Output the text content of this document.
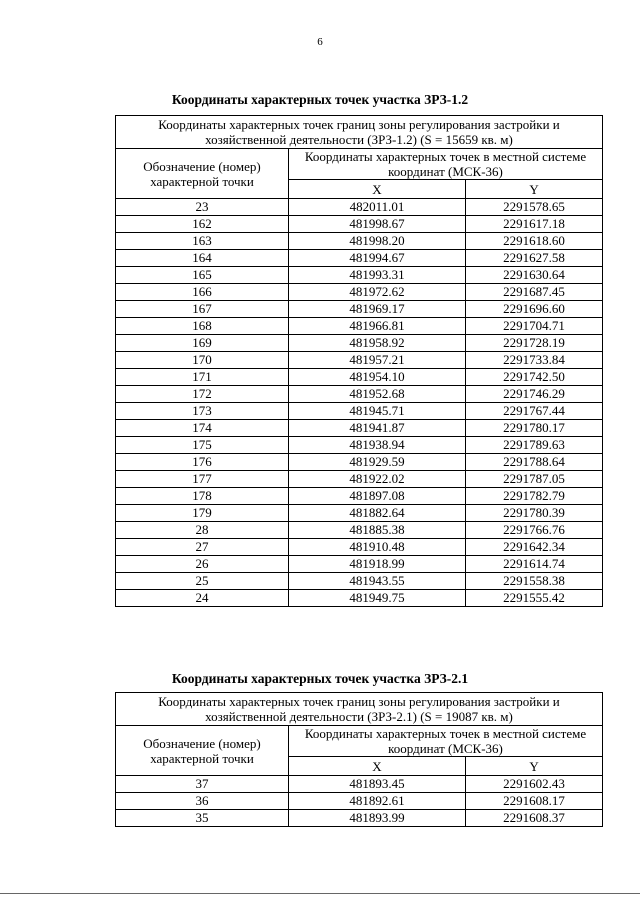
6
Координаты характерных точек участка ЗРЗ-1.2
Координаты характерных точек границ зоны регулирования застройки и хозяйственной деятельности (ЗРЗ-1.2) (S = 15659 кв. м)		
Обозначение (номер) характерной точки	Координаты характерных точек в местной системе координат (МСК-36)	
	X	Y
23	482011.01	2291578.65
162	481998.67	2291617.18
163	481998.20	2291618.60
164	481994.67	2291627.58
165	481993.31	2291630.64
166	481972.62	2291687.45
167	481969.17	2291696.60
168	481966.81	2291704.71
169	481958.92	2291728.19
170	481957.21	2291733.84
171	481954.10	2291742.50
172	481952.68	2291746.29
173	481945.71	2291767.44
174	481941.87	2291780.17
175	481938.94	2291789.63
176	481929.59	2291788.64
177	481922.02	2291787.05
178	481897.08	2291782.79
179	481882.64	2291780.39
28	481885.38	2291766.76
27	481910.48	2291642.34
26	481918.99	2291614.74
25	481943.55	2291558.38
24	481949.75	2291555.42
Координаты характерных точек участка ЗРЗ-2.1
Координаты характерных точек границ зоны регулирования застройки и хозяйственной деятельности (ЗРЗ-2.1) (S = 19087 кв. м)		
Обозначение (номер) характерной точки	Координаты характерных точек в местной системе координат (МСК-36)	
	X	Y
37	481893.45	2291602.43
36	481892.61	2291608.17
35	481893.99	2291608.37
